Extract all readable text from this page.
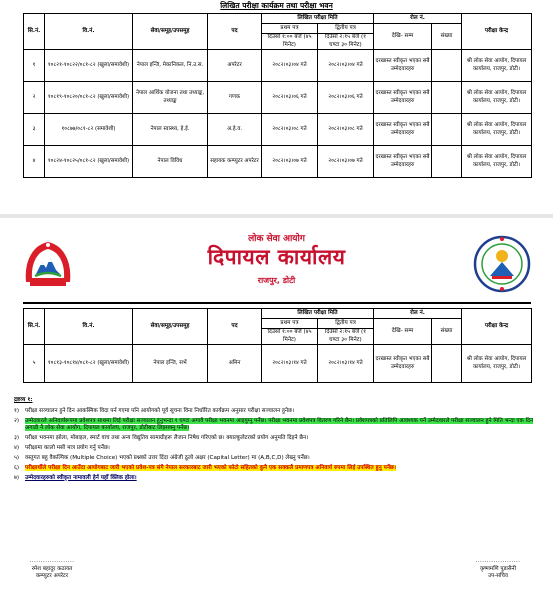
लिखित परीक्षा कार्यक्रम तथा परीक्षा भवन
सि.नं.	वि.नं.	सेवा/समूह/उपसमूह	पद	लिखित परीक्षा मिति		रोल नं.		परीक्षा केन्द्र
				प्रथम पत्र	द्वितीय पत्र	देखि- सम्म	संख्या	
				दिउँसो १:०० बजे (४५ मिनेट)	दिउँसो २:१५ बजे (१ घण्टा ३० मिनेट)			
१	१०८२१-१०८२२/०८१-८२ (खुला/समावेशी)	नेपाल इन्जि, मेकानिकल, नि.उ.स.	अपरेटर	२०८२।०३।०४ गते	२०८२।०३।०४ गते	दरखास्त स्वीकृत भएका सबै उम्मेदवारहरु		श्री लोक सेवा आयोग, दिपायल कार्यालय, राजपुर, डोटी।
२	१०८१९-१०८२०/०८१-८२ (खुला/समावेशी)	नेपाल आर्थिक योजना तथा तथ्याङ्क, तथ्याङ्क	गणक	२०८२।०३।०६ गते	२०८२।०३।०६ गते	दरखास्त स्वीकृत भएका सबै उम्मेदवारहरु		श्री लोक सेवा आयोग, दिपायल कार्यालय, राजपुर, डोटी।
३	१०८७७/०८१-८२ (समावेशी)	नेपाल स्वास्थ्य, हे.ई.	अ.हे.व.	२०८२।०३।०८ गते	२०८२।०३।०८ गते	दरखास्त स्वीकृत भएका सबै उम्मेदवारहरु		श्री लोक सेवा आयोग, दिपायल कार्यालय, राजपुर, डोटी।
४	१०८२४-१०८२५/०८१-८२ (खुला/समावेशी)	नेपाल विविध	सहायक कम्प्युटर अपरेटर	२०८२।०३।०७ गते	२०८२।०३।०७ गते	दरखास्त स्वीकृत भएका सबै उम्मेदवारहरु		श्री लोक सेवा आयोग, दिपायल कार्यालय, राजपुर, डोटी।
लोक सेवा आयोग
दिपायल कार्यालय
राजपुर, डोटी
सि.नं.	वि.नं.	सेवा/समूह/उपसमूह	पद	लिखित परीक्षा मिति		रोल नं.		परीक्षा केन्द्र
				प्रथम पत्र	द्वितीय पत्र	देखि- सम्म	संख्या	
				दिउँसो १:०० बजे (४५ मिनेट)	दिउँसो २:१५ बजे (१ घण्टा ३० मिनेट)			
५	१०८१३-१०८१४/०८१-८२ (खुला/समावेशी)	नेपाल इन्जि, सर्भे	अमिन	२०८२।०३।१४ गते	२०८२।०३।१४ गते	दरखास्त स्वीकृत भएका सबै उम्मेदवारहरु		श्री लोक सेवा आयोग, दिपायल कार्यालय, राजपुर, डोटी।
द्रष्टव्य १:
१)	परीक्षा सञ्चालन हुने दिन आकस्मिक विदा पर्न गएमा पनि आयोगको पूर्व सूचना विना निर्धारित कार्यक्रम अनुसार परीक्षा सञ्चालन हुनेछ।
२)	उम्मेदवारले अनिवार्यरूपमा प्रवेशपत्र साथमा लिई परीक्षा सञ्चालन हुनुभन्दा १ घण्टा अगावै परीक्षा भवनमा आइपुग्नु पर्नेछ। परीक्षा भवनमा प्रवेशपत्र वितरण गरिने छैन। प्रवेशपत्रको प्रतिलिपि आवश्यक पर्ने उम्मेदवारले परीक्षा सञ्चालन हुने मिति भन्दा एक दिन अगाडी नै लोक सेवा आयोग, दिपायल कार्यालय, राजपुर, डोटीबाट लिइसक्नु पर्नेछ।
३)	परीक्षा भवनमा झोला, मोबाइल, स्मार्ट वाच तथा अन्य विद्युतिय सामाग्रीहरू लैजान निषेध गरिएको छ। क्याल्कुलेटरको प्रयोग अनुमति दिइने छैन।
४)	परीक्षामा कालो मसी मात्र प्रयोग गर्नु पर्नेछ।
५)	वस्तुगत बहु वैकल्पिक (Multiple Choice) भएको प्रश्नको उत्तर दिंदा अंग्रेजी ठूलो अक्षर (Capital Letter) मा (A,B,C,D) लेख्नु पर्नेछ।
६)	परीक्षार्थीले परीक्षा दिन आउँदा आयोगबाट जारी भएको प्रवेश-पत्र संगै नेपाल सरकारबाट जारी भएको फोटो सहितको कुनै एक सक्कलै प्रमाणपत्र अनिवार्य रुपमा लिई उपस्थित हुनु पर्नेछ।
७)	उम्मेदवारहरुको स्वीकृत नामावली हेर्न यहाँ क्लिक होला।
....................
रमेश बहादुर कठायत
कम्प्युटर अपरेटर
....................
कृष्णमणि पुडासैनी
उप-सचिव
